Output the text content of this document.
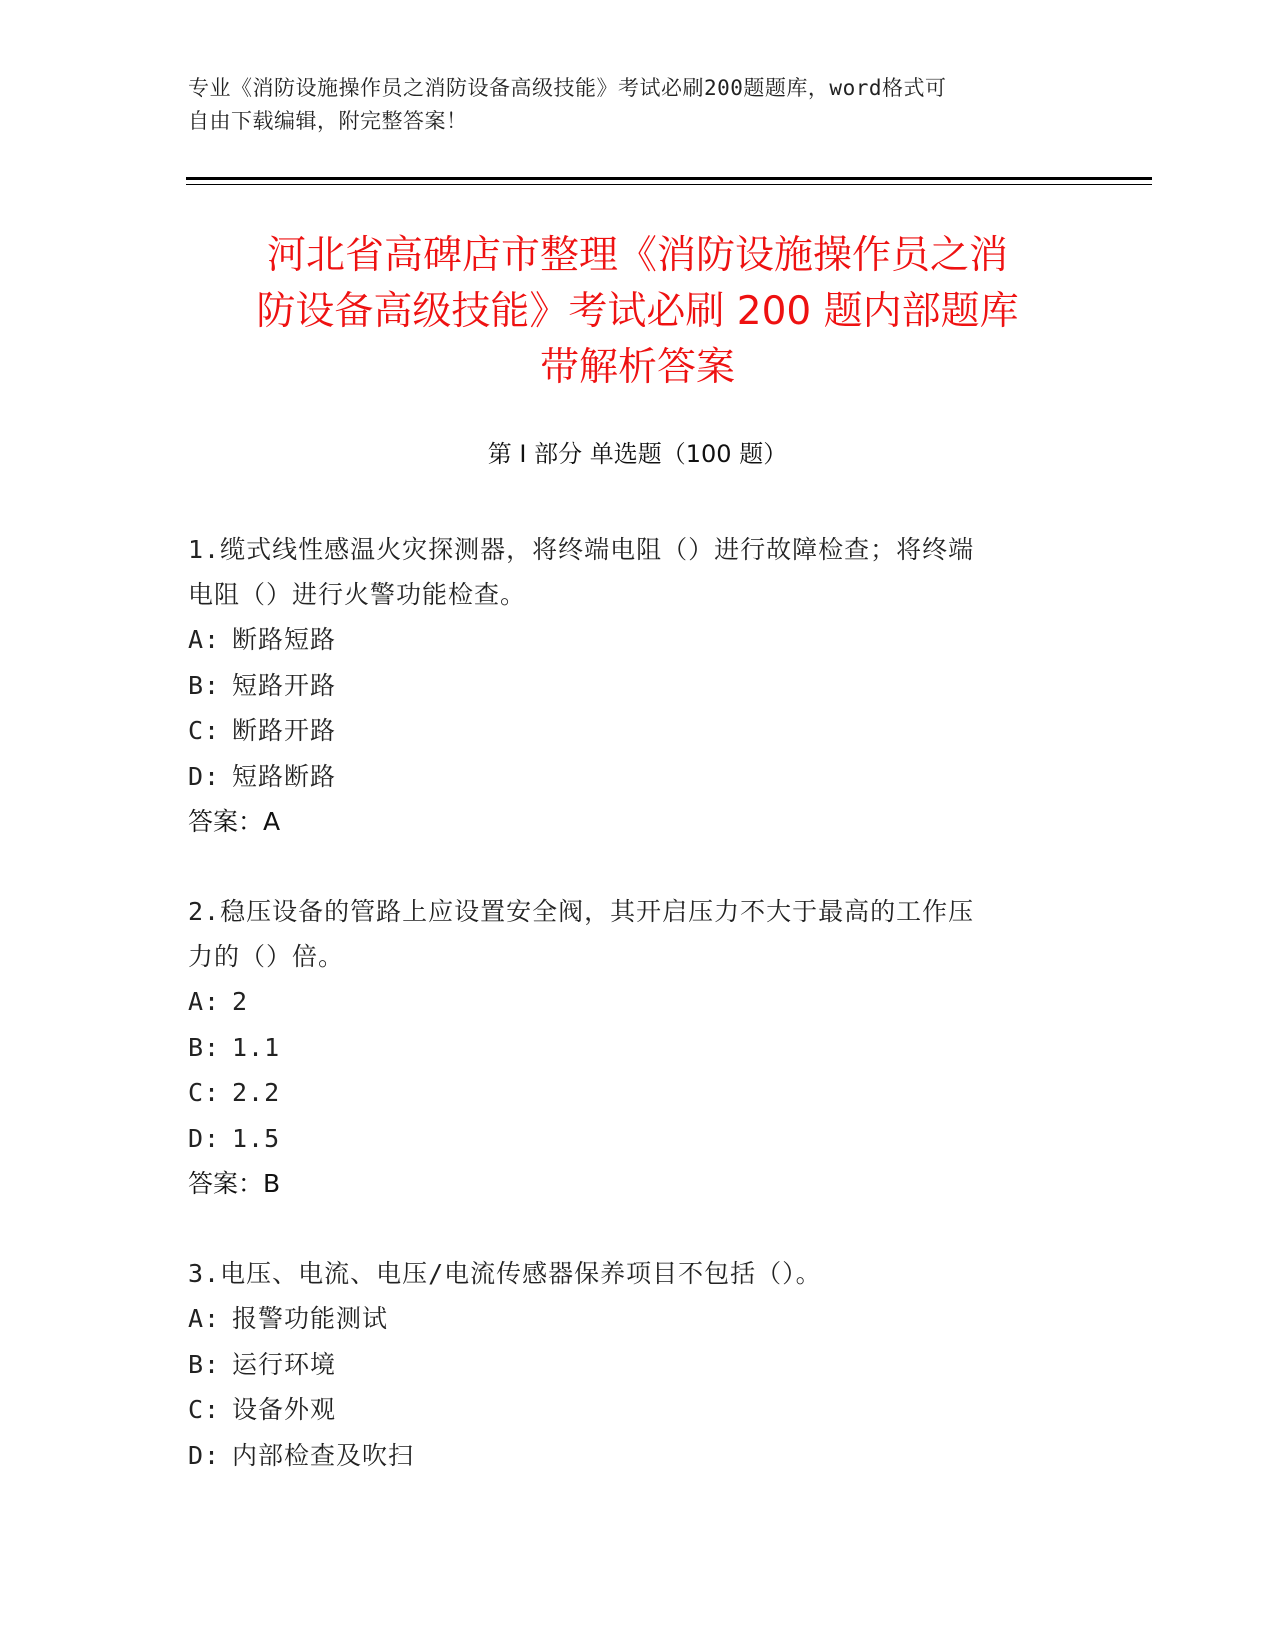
专业《消防设施操作员之消防设备高级技能》考试必刷200题题库，word格式可
自由下载编辑，附完整答案！
河北省高碑店市整理《消防设施操作员之消
防设备高级技能》考试必刷 200 题内部题库
带解析答案
第 I 部分 单选题（100 题）
1.缆式线性感温火灾探测器，将终端电阻（）进行故障检查；将终端
电阻（）进行火警功能检查。
A: 断路短路
B: 短路开路
C: 断路开路
D: 短路断路
答案：A
2.稳压设备的管路上应设置安全阀，其开启压力不大于最高的工作压
力的（）倍。
A: 2
B: 1.1
C: 2.2
D: 1.5
答案：B
3.电压、电流、电压/电流传感器保养项目不包括（）。
A: 报警功能测试
B: 运行环境
C: 设备外观
D: 内部检查及吹扫
